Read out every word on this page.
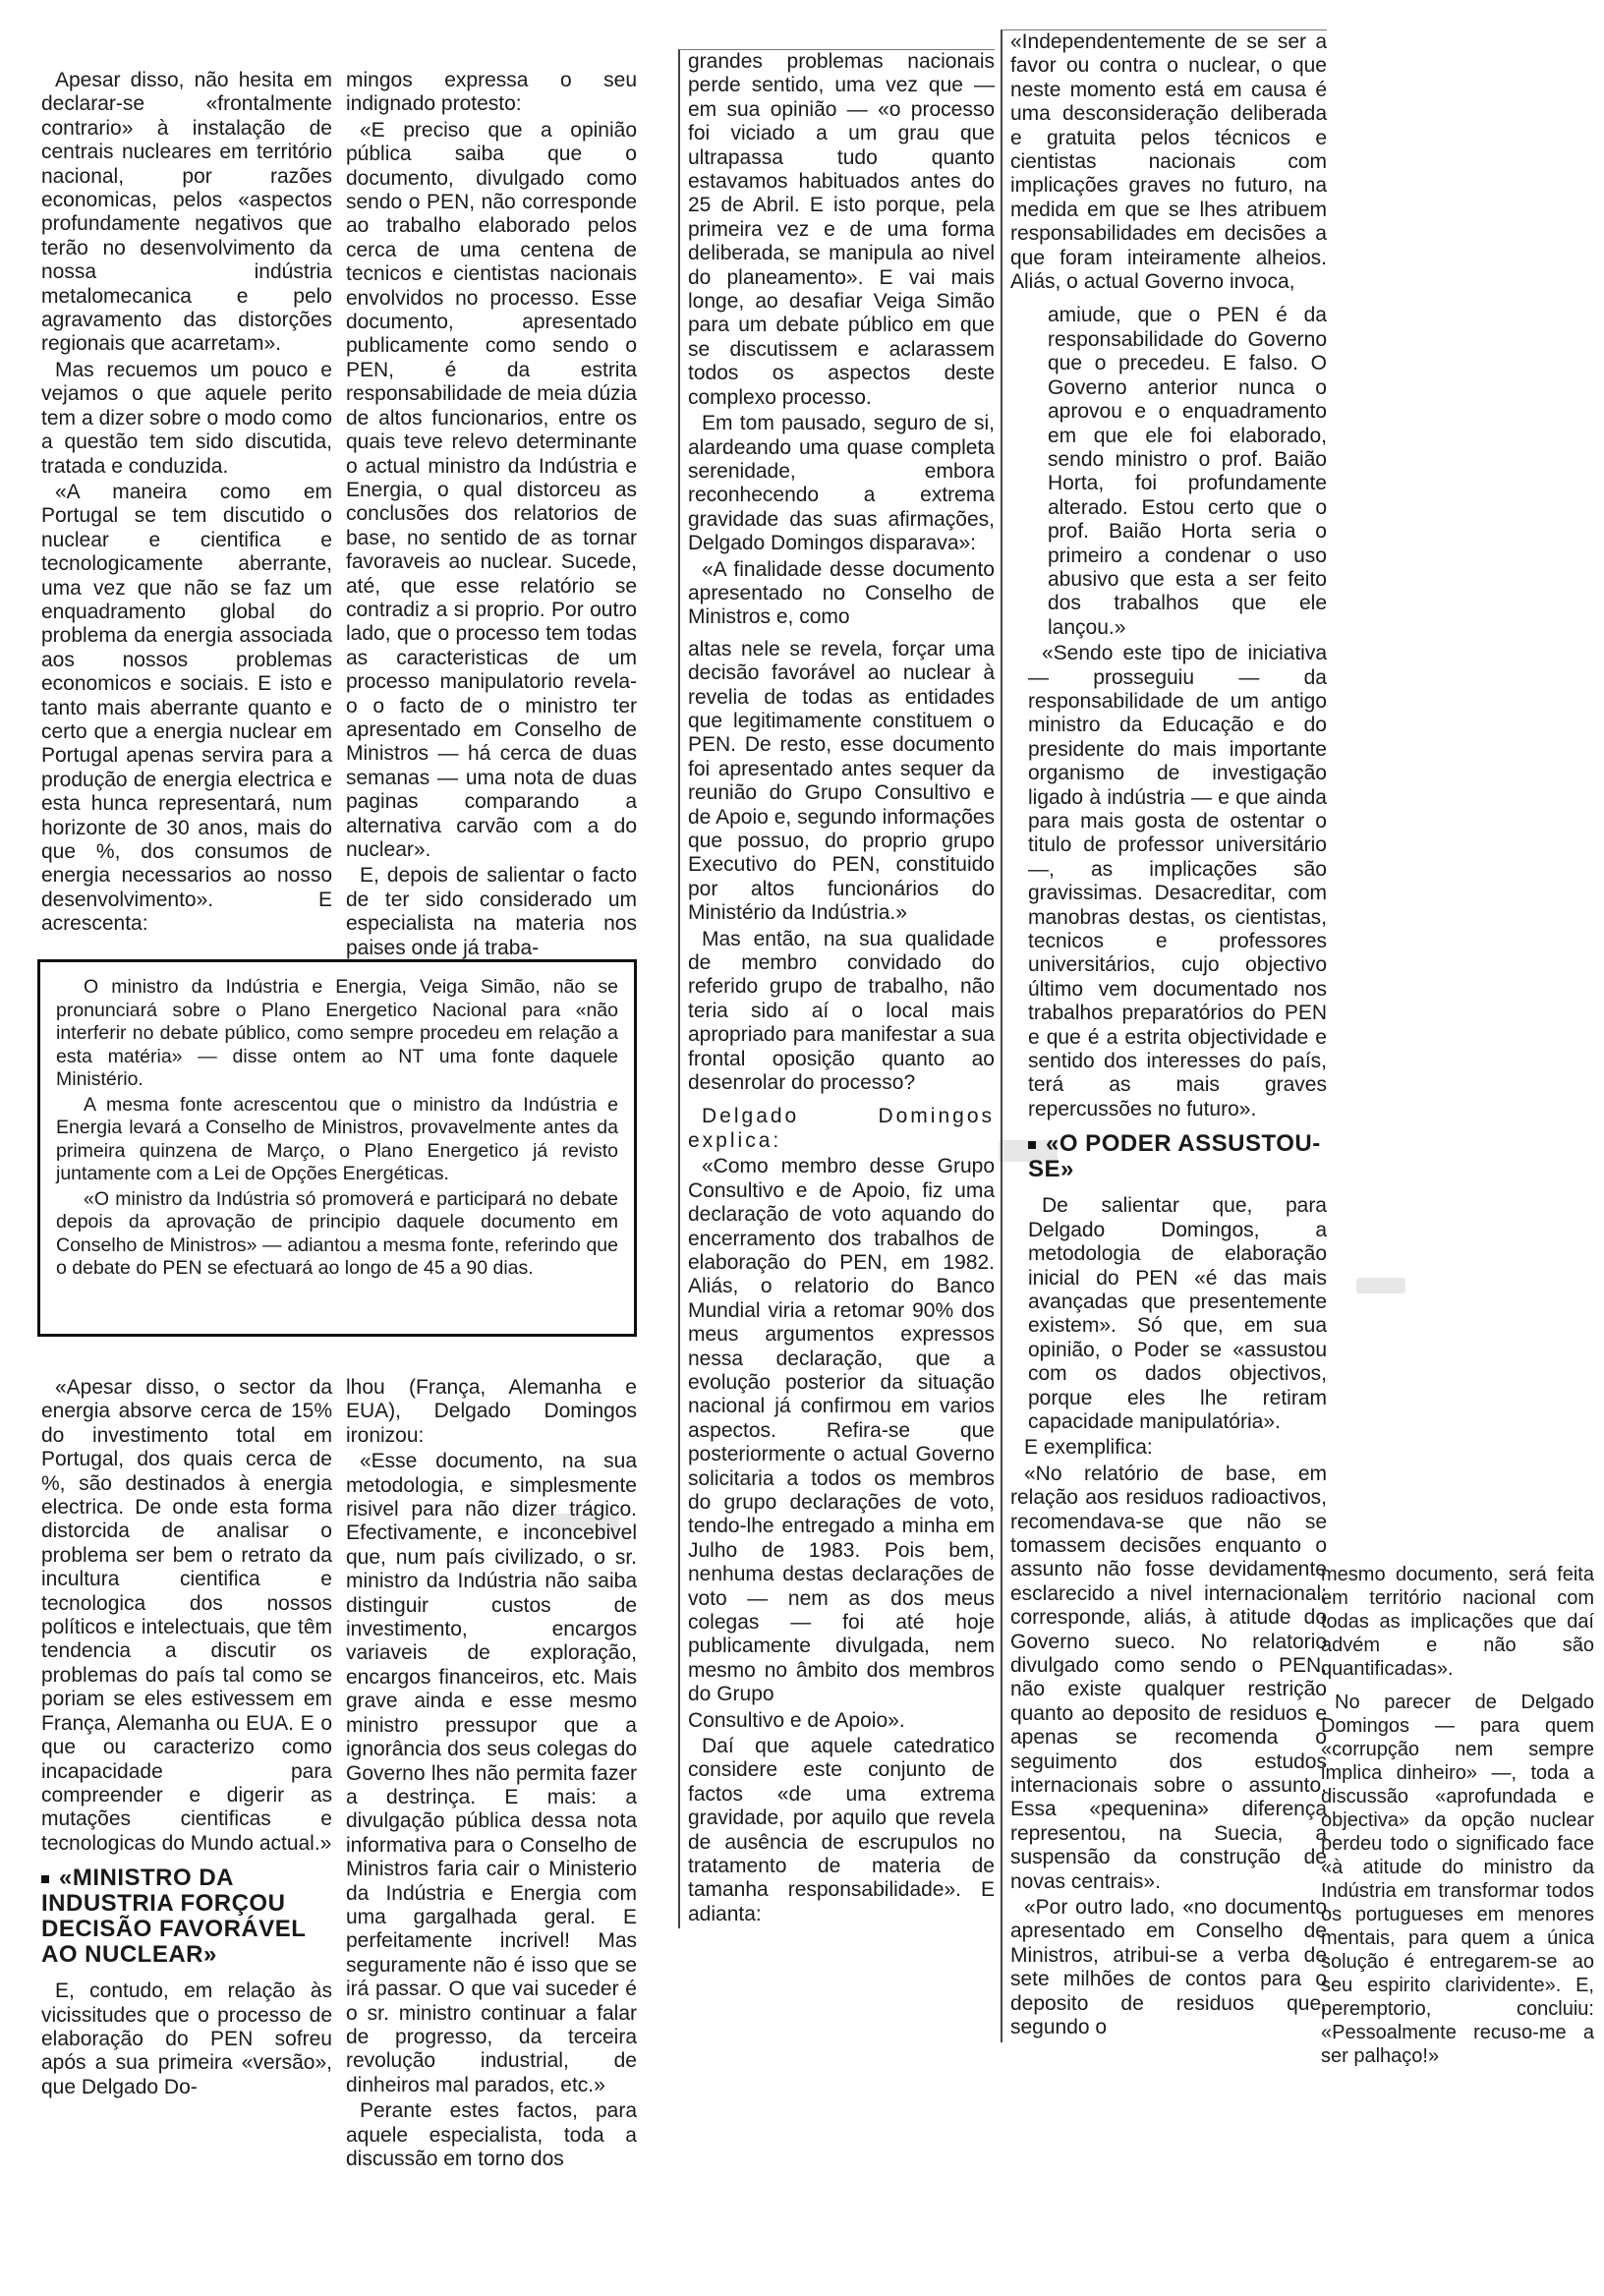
Apesar disso, não hesita em declarar-se «frontalmente contrario» à instalação de centrais nucleares em território nacional, por razões economicas, pelos «aspectos profundamente negativos que terão no desenvolvimento da nossa indústria metalomecanica e pelo agravamento das distorções regionais que acarretam».

Mas recuemos um pouco e vejamos o que aquele perito tem a dizer sobre o modo como a questão tem sido discutida, tratada e conduzida.

«A maneira como em Portugal se tem discutido o nuclear e cientifica e tecnologicamente aberrante, uma vez que não se faz um enquadramento global do problema da energia associada aos nossos problemas economicos e sociais. E isto e tanto mais aberrante quanto e certo que a energia nuclear em Portugal apenas servira para a produção de energia electrica e esta hunca representará, num horizonte de 30 anos, mais do que %, dos consumos de energia necessarios ao nosso desenvolvimento». E acrescenta:

mingos expressa o seu indignado protesto:

«E preciso que a opinião pública saiba que o documento, divulgado como sendo o PEN, não corresponde ao trabalho elaborado pelos cerca de uma centena de tecnicos e cientistas nacionais envolvidos no processo. Esse documento, apresentado publicamente como sendo o PEN, é da estrita responsabilidade de meia dúzia de altos funcionarios, entre os quais teve relevo determinante o actual ministro da Indústria e Energia, o qual distorceu as conclusões dos relatorios de base, no sentido de as tornar favoraveis ao nuclear. Sucede, até, que esse relatório se contradiz a si proprio. Por outro lado, que o processo tem todas as caracteristicas de um processo manipulatorio revela-o o facto de o ministro ter apresentado em Conselho de Ministros — há cerca de duas semanas — uma nota de duas paginas comparando a alternativa carvão com a do nuclear».

E, depois de salientar o facto de ter sido considerado um especialista na materia nos paises onde já traba-

O ministro da Indústria e Energia, Veiga Simão, não se pronunciará sobre o Plano Energetico Nacional para «não interferir no debate público, como sempre procedeu em relação a esta matéria» — disse ontem ao NT uma fonte daquele Ministério.

A mesma fonte acrescentou que o ministro da Indústria e Energia levará a Conselho de Ministros, provavelmente antes da primeira quinzena de Março, o Plano Energetico já revisto juntamente com a Lei de Opções Energéticas.

«O ministro da Indústria só promoverá e participará no debate depois da aprovação de principio daquele documento em Conselho de Ministros» — adiantou a mesma fonte, referindo que o debate do PEN se efectuará ao longo de 45 a 90 dias.

«Apesar disso, o sector da energia absorve cerca de 15% do investimento total em Portugal, dos quais cerca de %, são destinados à energia electrica. De onde esta forma distorcida de analisar o problema ser bem o retrato da incultura cientifica e tecnologica dos nossos políticos e intelectuais, que têm tendencia a discutir os problemas do país tal como se poriam se eles estivessem em França, Alemanha ou EUA. E o que ou caracterizo como incapacidade para compreender e digerir as mutações cientificas e tecnologicas do Mundo actual.»

«MINISTRO DA INDUSTRIA FORÇOU DECISÃO FAVORÁVEL AO NUCLEAR»

E, contudo, em relação às vicissitudes que o processo de elaboração do PEN sofreu após a sua primeira «versão», que Delgado Do-

lhou (França, Alemanha e EUA), Delgado Domingos ironizou:

«Esse documento, na sua metodologia, e simplesmente risivel para não dizer trágico. Efectivamente, e inconcebivel que, num país civilizado, o sr. ministro da Indústria não saiba distinguir custos de investimento, encargos variaveis de exploração, encargos financeiros, etc. Mais grave ainda e esse mesmo ministro pressupor que a ignorância dos seus colegas do Governo lhes não permita fazer a destrinça. E mais: a divulgação pública dessa nota informativa para o Conselho de Ministros faria cair o Ministerio da Indústria e Energia com uma gargalhada geral. E perfeitamente incrivel! Mas seguramente não é isso que se irá passar. O que vai suceder é o sr. ministro continuar a falar de progresso, da terceira revolução industrial, de dinheiros mal parados, etc.»

Perante estes factos, para aquele especialista, toda a discussão em torno dos

grandes problemas nacionais perde sentido, uma vez que — em sua opinião — «o processo foi viciado a um grau que ultrapassa tudo quanto estavamos habituados antes do 25 de Abril. E isto porque, pela primeira vez e de uma forma deliberada, se manipula ao nivel do planeamento». E vai mais longe, ao desafiar Veiga Simão para um debate público em que se discutissem e aclarassem todos os aspectos deste complexo processo.

Em tom pausado, seguro de si, alardeando uma quase completa serenidade, embora reconhecendo a extrema gravidade das suas afirmações, Delgado Domingos disparava»:

«A finalidade desse documento apresentado no Conselho de Ministros e, como

altas nele se revela, forçar uma decisão favorável ao nuclear à revelia de todas as entidades que legitimamente constituem o PEN. De resto, esse documento foi apresentado antes sequer da reunião do Grupo Consultivo e de Apoio e, segundo informações que possuo, do proprio grupo Executivo do PEN, constituido por altos funcionários do Ministério da Indústria.»

Mas então, na sua qualidade de membro convidado do referido grupo de trabalho, não teria sido aí o local mais apropriado para manifestar a sua frontal oposição quanto ao desenrolar do processo?

Delgado Domingos explica:

«Como membro desse Grupo Consultivo e de Apoio, fiz uma declaração de voto aquando do encerramento dos trabalhos de elaboração do PEN, em 1982. Aliás, o relatorio do Banco Mundial viria a retomar 90% dos meus argumentos expressos nessa declaração, que a evolução posterior da situação nacional já confirmou em varios aspectos. Refira-se que posteriormente o actual Governo solicitaria a todos os membros do grupo declarações de voto, tendo-lhe entregado a minha em Julho de 1983. Pois bem, nenhuma destas declarações de voto — nem as dos meus colegas — foi até hoje publicamente divulgada, nem mesmo no âmbito dos membros do Grupo

Consultivo e de Apoio».

Daí que aquele catedratico considere este conjunto de factos «de uma extrema gravidade, por aquilo que revela de ausência de escrupulos no tratamento de materia de tamanha responsabilidade». E adianta:

«Independentemente de se ser a favor ou contra o nuclear, o que neste momento está em causa é uma desconsideração deliberada e gratuita pelos técnicos e cientistas nacionais com implicações graves no futuro, na medida em que se lhes atribuem responsabilidades em decisões a que foram inteiramente alheios. Aliás, o actual Governo invoca,

amiude, que o PEN é da responsabilidade do Governo que o precedeu. E falso. O Governo anterior nunca o aprovou e o enquadramento em que ele foi elaborado, sendo ministro o prof. Baião Horta, foi profundamente alterado. Estou certo que o prof. Baião Horta seria o primeiro a condenar o uso abusivo que esta a ser feito dos trabalhos que ele lançou.»

«Sendo este tipo de iniciativa — prosseguiu — da responsabilidade de um antigo ministro da Educação e do presidente do mais importante organismo de investigação ligado à indústria — e que ainda para mais gosta de ostentar o titulo de professor universitário —, as implicações são gravissimas. Desacreditar, com manobras destas, os cientistas, tecnicos e professores universitários, cujo objectivo último vem documentado nos trabalhos preparatórios do PEN e que é a estrita objectividade e sentido dos interesses do país, terá as mais graves repercussões no futuro».

«O PODER ASSUSTOU-SE»

De salientar que, para Delgado Domingos, a metodologia de elaboração inicial do PEN «é das mais avançadas que presentemente existem». Só que, em sua opinião, o Poder se «assustou com os dados objectivos, porque eles lhe retiram capacidade manipulatória».

E exemplifica:

«No relatório de base, em relação aos residuos radioactivos, recomendava-se que não se tomassem decisões enquanto o assunto não fosse devidamente esclarecido a nivel internacional; corresponde, aliás, à atitude do Governo sueco. No relatorio divulgado como sendo o PEN, não existe qualquer restrição quanto ao deposito de residuos e apenas se recomenda o seguimento dos estudos internacionais sobre o assunto. Essa «pequenina» diferença representou, na Suecia, a suspensão da construção de novas centrais».

«Por outro lado, «no documento apresentado em Conselho de Ministros, atribui-se a verba de sete milhões de contos para o deposito de residuos que, segundo o

mesmo documento, será feita em território nacional com todas as implicações que daí advém e não são quantificadas».

No parecer de Delgado Domingos — para quem «corrupção nem sempre implica dinheiro» —, toda a discussão «aprofundada e objectiva» da opção nuclear perdeu todo o significado face «à atitude do ministro da Indústria em transformar todos os portugueses em menores mentais, para quem a única solução é entregarem-se ao seu espirito clarividente». E, peremptorio, concluiu: «Pessoalmente recuso-me a ser palhaço!»
